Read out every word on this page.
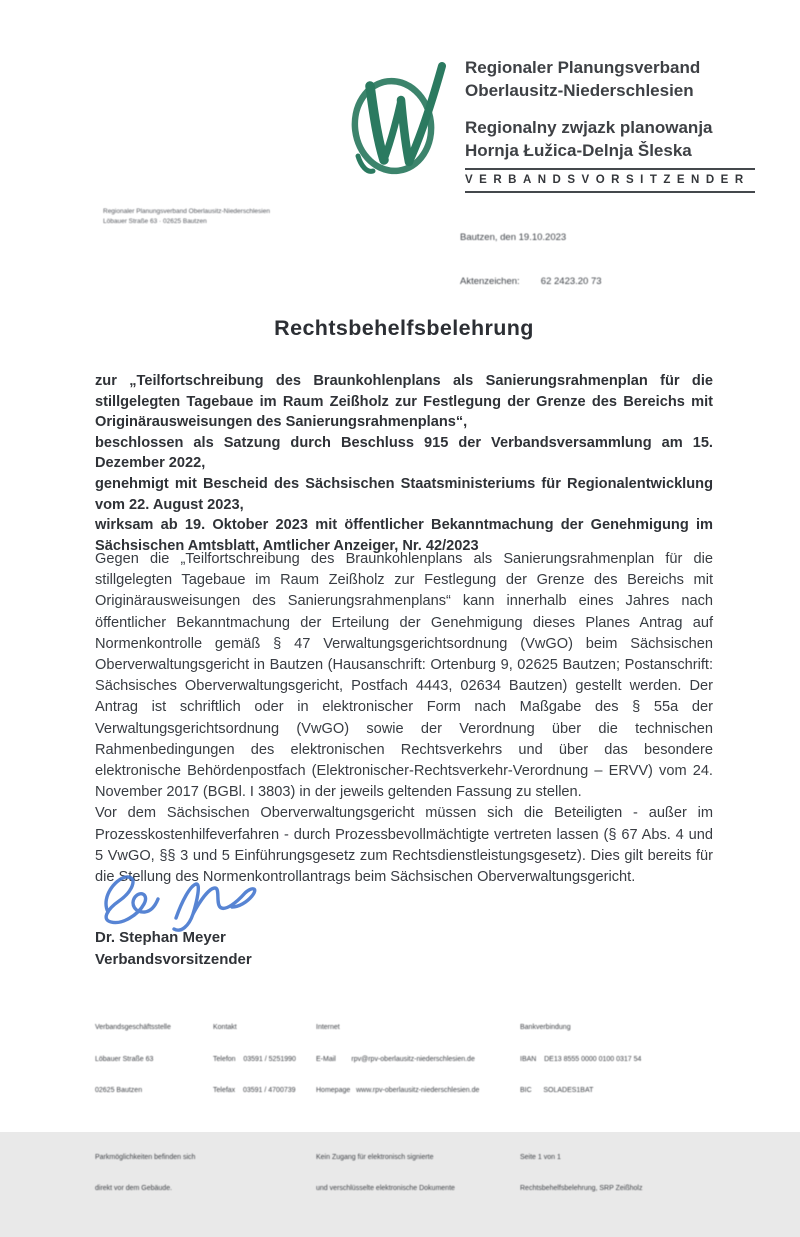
Regionaler Planungsverband
Oberlausitz-Niederschlesien
Regionalny zwjazk planowanja
Hornja Łužica-Delnja Šleska
VERBANDSVORSITZENDER
Regionaler Planungsverband Oberlausitz-Niederschlesien
Löbauer Straße 63 · 02625 Bautzen

Bautzen, den 19.10.2023

Aktenzeichen:        62 2423.20 73

Rechtsbehelfsbelehrung
zur „Teilfortschreibung des Braunkohlenplans als Sanierungsrahmenplan für die stillgelegten Tagebaue im Raum Zeißholz zur Festlegung der Grenze des Bereichs mit Originärausweisungen des Sanierungsrahmenplans“,
beschlossen als Satzung durch Beschluss 915 der Verbandsversammlung am 15. Dezember 2022,
genehmigt mit Bescheid des Sächsischen Staatsministeriums für Regionalentwicklung vom 22. August 2023,
wirksam ab 19. Oktober 2023 mit öffentlicher Bekanntmachung der Genehmigung im Sächsischen Amtsblatt, Amtlicher Anzeiger, Nr. 42/2023

Gegen die „Teilfortschreibung des Braunkohlenplans als Sanierungsrahmenplan für die stillgelegten Tagebaue im Raum Zeißholz zur Festlegung der Grenze des Bereichs mit Originärausweisungen des Sanierungsrahmenplans“ kann innerhalb eines Jahres nach öffentlicher Bekanntmachung der Erteilung der Genehmigung dieses Planes Antrag auf Normenkontrolle gemäß § 47 Verwaltungsgerichtsordnung (VwGO) beim Sächsischen Oberverwaltungsgericht in Bautzen (Hausanschrift: Ortenburg 9, 02625 Bautzen; Postanschrift: Sächsisches Oberverwaltungsgericht, Postfach 4443, 02634 Bautzen) gestellt werden. Der Antrag ist schriftlich oder in elektronischer Form nach Maßgabe des § 55a der Verwaltungsgerichtsordnung (VwGO) sowie der Verordnung über die technischen Rahmenbedingungen des elektronischen Rechtsverkehrs und über das besondere elektronische Behördenpostfach (Elektronischer-Rechtsverkehr-Verordnung – ERVV) vom 24. November 2017 (BGBl. I 3803) in der jeweils geltenden Fassung zu stellen.

Vor dem Sächsischen Oberverwaltungsgericht müssen sich die Beteiligten - außer im Prozesskostenhilfeverfahren - durch Prozessbevollmächtigte vertreten lassen (§ 67 Abs. 4 und 5 VwGO, §§ 3 und 5 Einführungsgesetz zum Rechtsdienstleistungsgesetz). Dies gilt bereits für die Stellung des Normenkontrollantrags beim Sächsischen Oberverwaltungsgericht.

Dr. Stephan Meyer
Verbandsvorsitzender

Verbandsgeschäftsstelle

Löbauer Straße 63

02625 Bautzen

Parkmöglichkeiten befinden sich

direkt vor dem Gebäude.

Kontakt

Telefon    03591 / 5251990

Telefax    03591 / 4700739

Internet

E-Mail        rpv@rpv-oberlausitz-niederschlesien.de

Homepage   www.rpv-oberlausitz-niederschlesien.de

Kein Zugang für elektronisch signierte

und verschlüsselte elektronische Dokumente

Bankverbindung

IBAN    DE13 8555 0000 0100 0317 54

BIC      SOLADES1BAT

Seite 1 von 1

Rechtsbehelfsbelehrung, SRP Zeißholz
